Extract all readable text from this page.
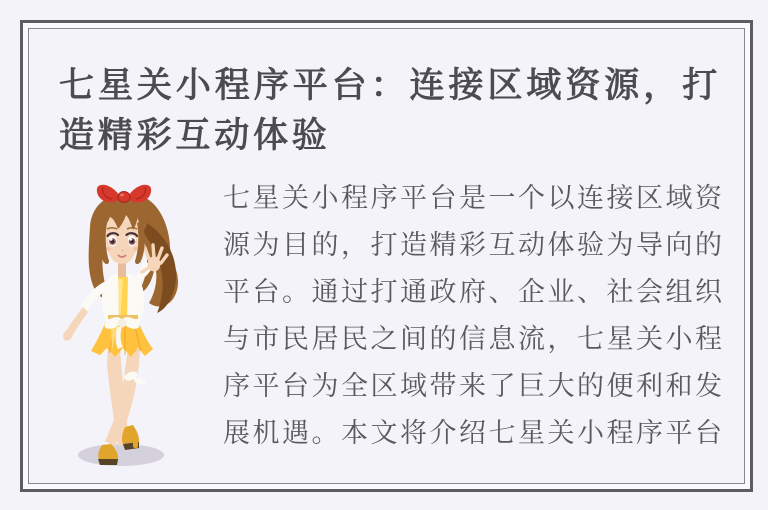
七星关小程序平台：连接区域资源，打造精彩互动体验
七星关小程序平台是一个以连接区域资
源为目的，打造精彩互动体验为导向的
平台。通过打通政府、企业、社会组织
与市民居民之间的信息流，七星关小程
序平台为全区域带来了巨大的便利和发
展机遇。本文将介绍七星关小程序平台
